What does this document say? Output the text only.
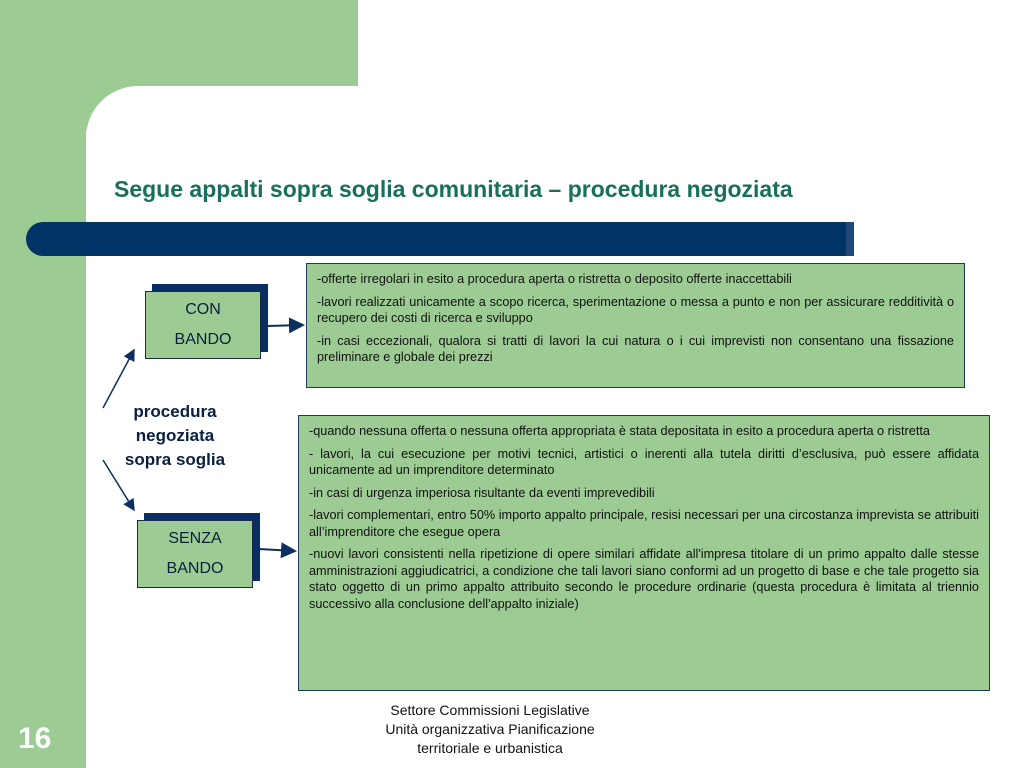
Segue appalti sopra soglia comunitaria – procedura negoziata
CON
BANDO
SENZA
BANDO
procedura
negoziata
sopra soglia

-offerte irregolari in esito a procedura aperta o ristretta o deposito offerte inaccettabili

-lavori realizzati unicamente a scopo ricerca, sperimentazione o messa a punto e non per assicurare redditività o recupero dei costi di ricerca e sviluppo

-in casi eccezionali, qualora si tratti di lavori la cui natura o i cui imprevisti non consentano una fissazione preliminare e globale dei prezzi

-quando nessuna offerta o nessuna offerta appropriata è stata depositata in esito a procedura aperta o ristretta

- lavori, la cui esecuzione per motivi tecnici, artistici o inerenti alla tutela diritti d’esclusiva, può essere affidata unicamente ad un imprenditore determinato

-in casi di urgenza imperiosa risultante da eventi imprevedibili

-lavori complementari, entro 50% importo appalto principale, resisi necessari per una circostanza imprevista se attribuiti all’imprenditore che esegue opera

-nuovi lavori consistenti nella ripetizione di opere similari affidate all'impresa titolare di un primo appalto dalle stesse amministrazioni aggiudicatrici, a condizione che tali lavori siano conformi ad un progetto di base e che tale progetto sia stato oggetto di un primo appalto attribuito secondo le procedure ordinarie (questa procedura è limitata al triennio successivo alla conclusione dell'appalto iniziale)

16
Settore Commissioni Legislative
Unità organizzativa Pianificazione
territoriale e urbanistica
